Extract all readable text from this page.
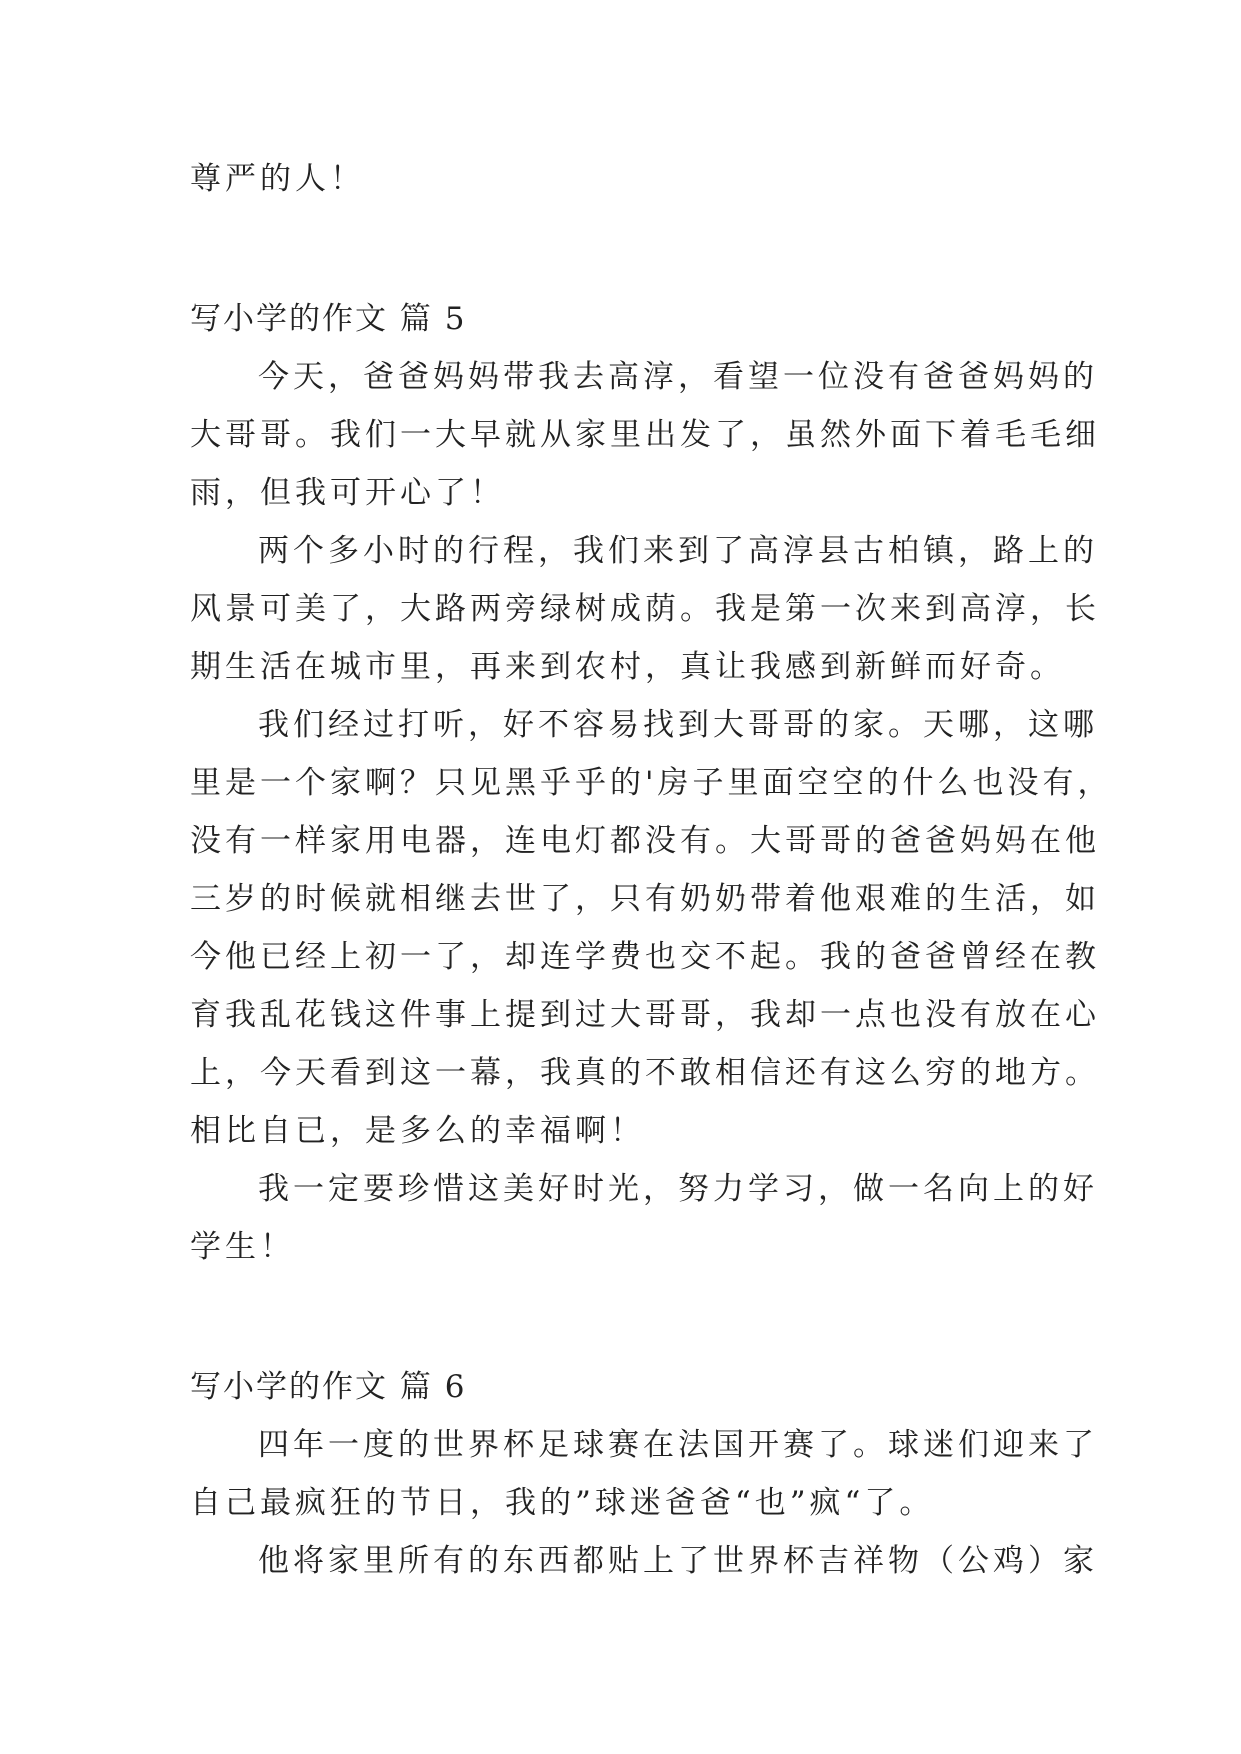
尊严的人！
写小学的作文 篇 5
今天，爸爸妈妈带我去高淳，看望一位没有爸爸妈妈的
大哥哥。我们一大早就从家里出发了，虽然外面下着毛毛细
雨，但我可开心了！
两个多小时的行程，我们来到了高淳县古柏镇，路上的
风景可美了，大路两旁绿树成荫。我是第一次来到高淳，长
期生活在城市里，再来到农村，真让我感到新鲜而好奇。
我们经过打听，好不容易找到大哥哥的家。天哪，这哪
里是一个家啊？只见黑乎乎的'房子里面空空的什么也没有，
没有一样家用电器，连电灯都没有。大哥哥的爸爸妈妈在他
三岁的时候就相继去世了，只有奶奶带着他艰难的生活，如
今他已经上初一了，却连学费也交不起。我的爸爸曾经在教
育我乱花钱这件事上提到过大哥哥，我却一点也没有放在心
上，今天看到这一幕，我真的不敢相信还有这么穷的地方。
相比自已，是多么的幸福啊！
我一定要珍惜这美好时光，努力学习，做一名向上的好
学生！
写小学的作文 篇 6
四年一度的世界杯足球赛在法国开赛了。球迷们迎来了
自己最疯狂的节日，我的”球迷爸爸“也”疯“了。
他将家里所有的东西都贴上了世界杯吉祥物（公鸡）家
